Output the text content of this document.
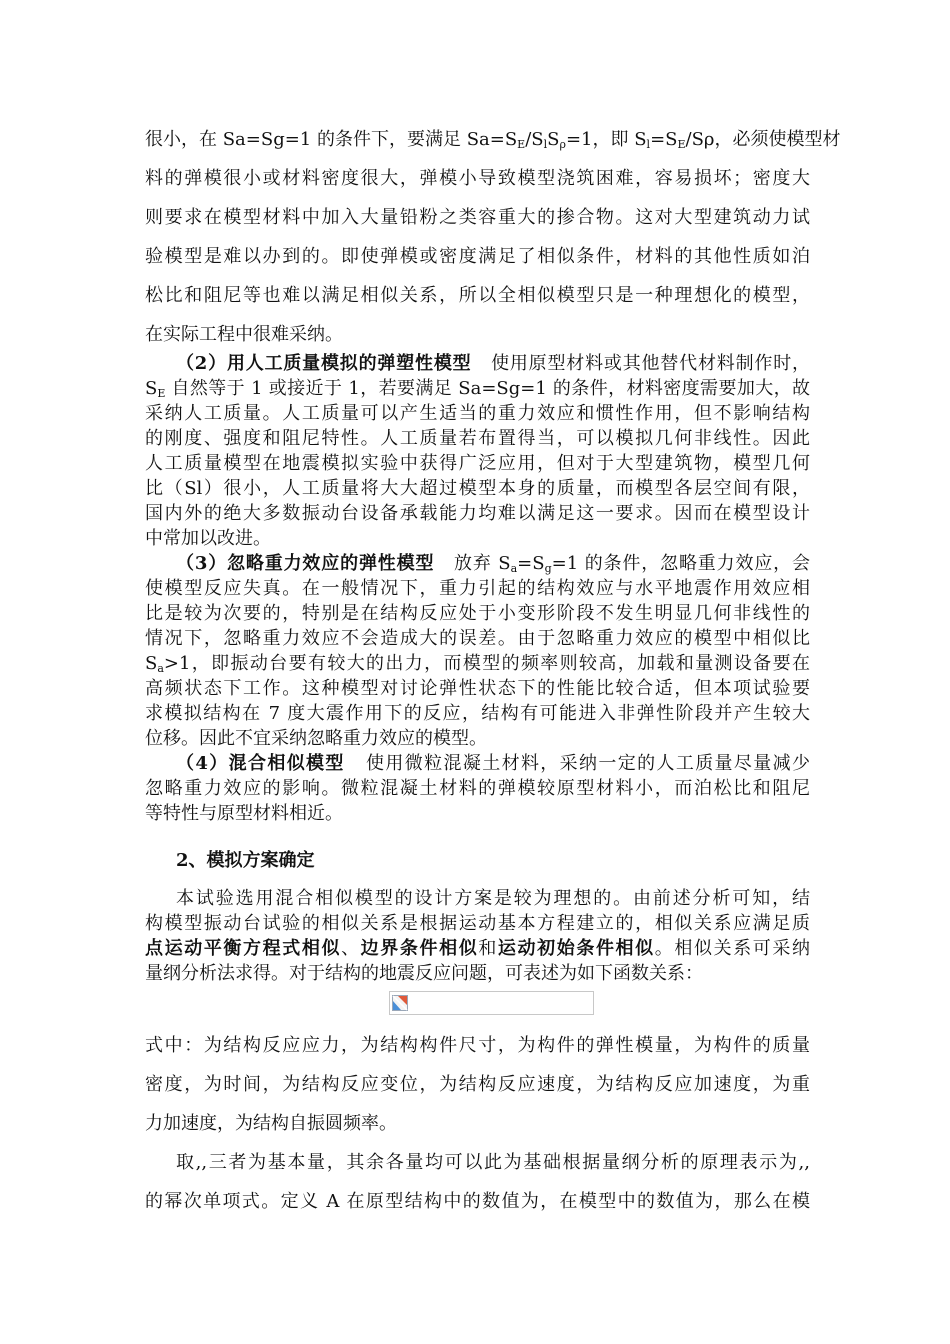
很小，在 Sa=Sg=1 的条件下，要满足 $Sa=S_E/S_lS_\rho=1$，即 $S_l=S_E/S\rho$，必须使模型材
料的弹模很小或材料密度很大，弹模小导致模型浇筑困难，容易损坏；密度大
则要求在模型材料中加入大量铅粉之类容重大的掺合物。这对大型建筑动力试
验模型是难以办到的。即使弹模或密度满足了相似条件，材料的其他性质如泊
松比和阻尼等也难以满足相似关系，所以全相似模型只是一种理想化的模型，
在实际工程中很难采纳。
（2）用人工质量模拟的弹塑性模型 使用原型材料或其他替代材料制作时，
$S_E$ 自然等于 1 或接近于 1，若要满足 Sa=Sg=1 的条件，材料密度需要加大，故
采纳人工质量。人工质量可以产生适当的重力效应和惯性作用，但不影响结构
的刚度、强度和阻尼特性。人工质量若布置得当，可以模拟几何非线性。因此
人工质量模型在地震模拟实验中获得广泛应用，但对于大型建筑物，模型几何
比（Sl）很小，人工质量将大大超过模型本身的质量，而模型各层空间有限，
国内外的绝大多数振动台设备承载能力均难以满足这一要求。因而在模型设计
中常加以改进。
（3）忽略重力效应的弹性模型   放弃 $S_a=S_g=1$ 的条件，忽略重力效应，会
使模型反应失真。在一般情况下，重力引起的结构效应与水平地震作用效应相
比是较为次要的，特别是在结构反应处于小变形阶段不发生明显几何非线性的
情况下，忽略重力效应不会造成大的误差。由于忽略重力效应的模型中相似比
$S_a>1$，即振动台要有较大的出力，而模型的频率则较高，加载和量测设备要在
高频状态下工作。这种模型对讨论弹性状态下的性能比较合适，但本项试验要
求模拟结构在 7 度大震作用下的反应，结构有可能进入非弹性阶段并产生较大
位移。因此不宜采纳忽略重力效应的模型。
（4）混合相似模型 使用微粒混凝土材料，采纳一定的人工质量尽量减少
忽略重力效应的影响。微粒混凝土材料的弹模较原型材料小，而泊松比和阻尼
等特性与原型材料相近。
2、模拟方案确定
本试验选用混合相似模型的设计方案是较为理想的。由前述分析可知，结
构模型振动台试验的相似关系是根据运动基本方程建立的，相似关系应满足质
点运动平衡方程式相似、边界条件相似和运动初始条件相似。相似关系可采纳
量纲分析法求得。对于结构的地震反应问题，可表述为如下函数关系：
式中：为结构反应应力，为结构构件尺寸，为构件的弹性模量，为构件的质量
密度，为时间，为结构反应变位，为结构反应速度，为结构反应加速度，为重
力加速度，为结构自振圆频率。
取,,三者为基本量，其余各量均可以此为基础根据量纲分析的原理表示为,,
的幂次单项式。定义 A 在原型结构中的数值为，在模型中的数值为，那么在模
